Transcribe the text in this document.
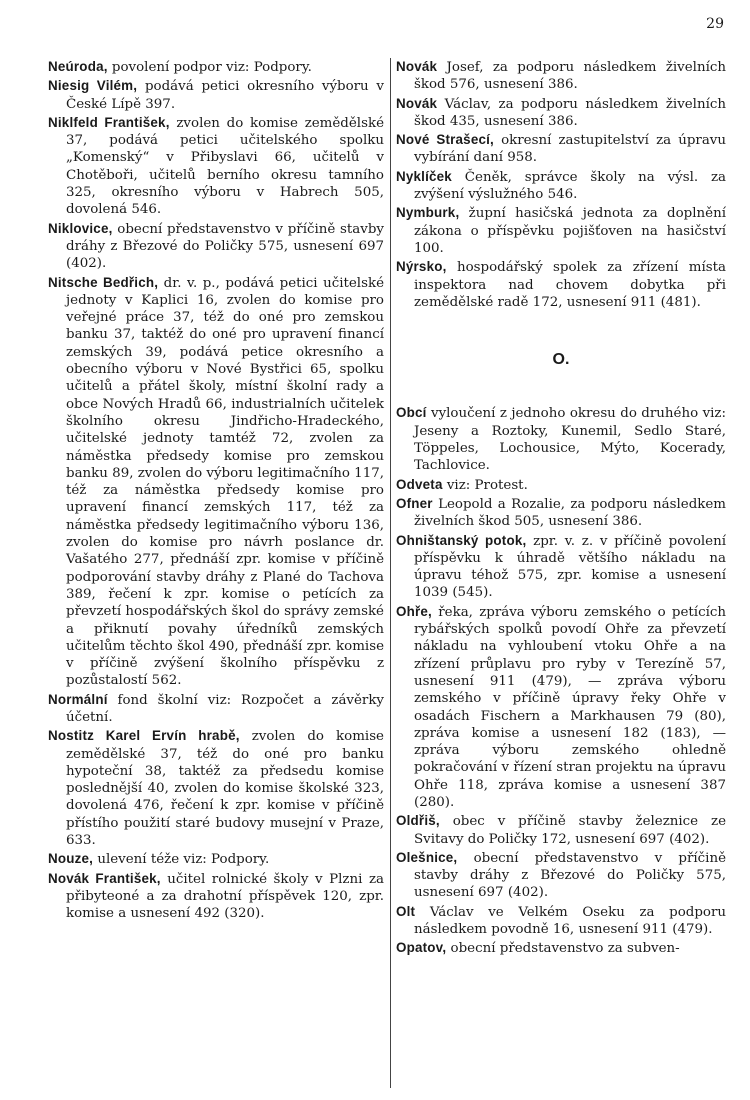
29
Neúroda, povolení podpor viz: Podpory.
Niesig Vilém, podává petici okresního výboru v České Lípě 397.
Niklfeld František, zvolen do komise zemědělské 37, podává petici učitelského spolku „Komenský“ v Přibyslavi 66, učitelů v Chotěboři, učitelů berního okresu tamního 325, okresního výboru v Habrech 505, dovolená 546.
Niklovice, obecní představenstvo v příčině stavby dráhy z Březové do Poličky 575, usnesení 697 (402).
Nitsche Bedřich, dr. v. p., podává petici učitelské jednoty v Kaplici 16, zvolen do komise pro veřejné práce 37, též do oné pro zemskou banku 37, taktéž do oné pro upravení financí zemských 39, podává petice okresního a obecního výboru v Nové Bystřici 65, spolku učitelů a přátel školy, místní školní rady a obce Nových Hradů 66, industrialních učitelek školního okresu Jindřicho-Hradeckého, učitelské jednoty tamtéž 72, zvolen za náměstka předsedy komise pro zemskou banku 89, zvolen do výboru legitimačního 117, též za náměstka předsedy komise pro upravení financí zemských 117, též za náměstka předsedy legitimačního výboru 136, zvolen do komise pro návrh poslance dr. Vašatého 277, přednáší zpr. komise v příčině podporování stavby dráhy z Plané do Tachova 389, řečení k zpr. komise o petících za převzetí hospodářských škol do správy zemské a přiknutí povahy úředníků zemských učitelům těchto škol 490, přednáší zpr. komise v příčině zvýšení školního příspěvku z pozůstalostí 562.
Normální fond školní viz: Rozpočet a závěrky účetní.
Nostitz Karel Ervín hrabě, zvolen do komise zemědělské 37, též do oné pro banku hypoteční 38, taktéž za předsedu komise poslednější 40, zvolen do komise školské 323, dovolená 476, řečení k zpr. komise v příčině přístího použití staré budovy musejní v Praze, 633.
Nouze, ulevení téže viz: Podpory.
Novák František, učitel rolnické školy v Plzni za přibyteoné a za drahotní příspěvek 120, zpr. komise a usnesení 492 (320).
Novák Josef, za podporu následkem živelních škod 576, usnesení 386.
Novák Václav, za podporu následkem živelních škod 435, usnesení 386.
Nové Strašecí, okresní zastupitelství za úpravu vybírání daní 958.
Nyklíček Čeněk, správce školy na výsl. za zvýšení výslužného 546.
Nymburk, župní hasičská jednota za doplnění zákona o příspěvku pojišťoven na hasičství 100.
Nýrsko, hospodářský spolek za zřízení místa inspektora nad chovem dobytka při zemědělské radě 172, usnesení 911 (481).
O.
Obcí vyloučení z jednoho okresu do druhého viz: Jeseny a Roztoky, Kunemil, Sedlo Staré, Töppeles, Lochousice, Mýto, Kocerady, Tachlovice.
Odveta viz: Protest.
Ofner Leopold a Rozalie, za podporu následkem živelních škod 505, usnesení 386.
Ohništanský potok, zpr. v. z. v příčině povolení příspěvku k úhradě většího nákladu na úpravu téhož 575, zpr. komise a usnesení 1039 (545).
Ohře, řeka, zpráva výboru zemského o petících rybářských spolků povodí Ohře za převzetí nákladu na vyhloubení vtoku Ohře a na zřízení průplavu pro ryby v Terezíně 57, usnesení 911 (479), — zpráva výboru zemského v příčině úpravy řeky Ohře v osadách Fischern a Markhausen 79 (80), zpráva komise a usnesení 182 (183), — zpráva výboru zemského ohledně pokračování v řízení stran projektu na úpravu Ohře 118, zpráva komise a usnesení 387 (280).
Oldřiš, obec v příčině stavby železnice ze Svitavy do Poličky 172, usnesení 697 (402).
Olešnice, obecní představenstvo v příčině stavby dráhy z Březové do Poličky 575, usnesení 697 (402).
Olt Václav ve Velkém Oseku za podporu následkem povodně 16, usnesení 911 (479).
Opatov, obecní představenstvo za subven-
